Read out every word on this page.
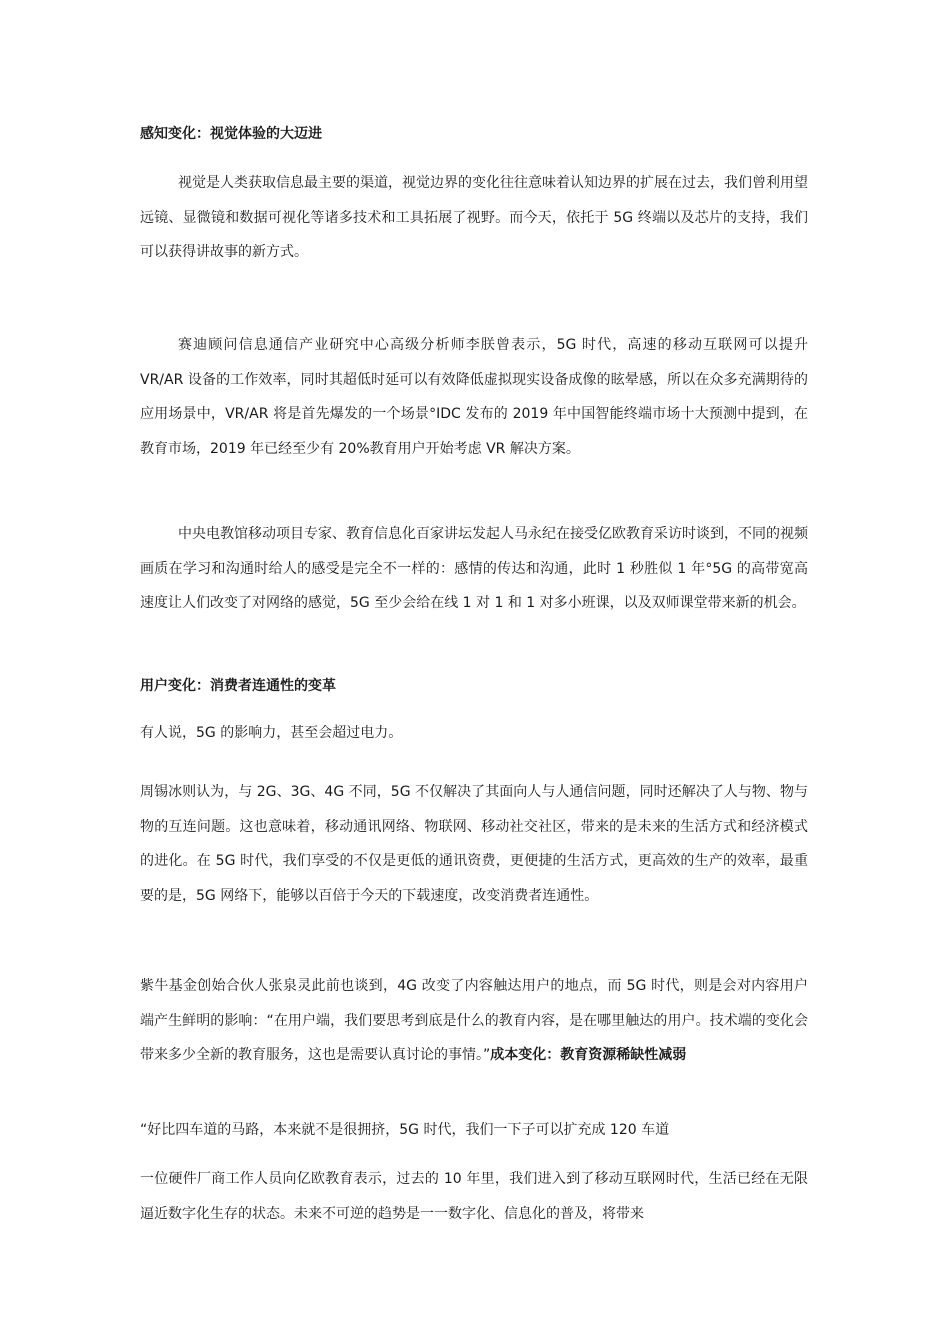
感知变化：视觉体验的大迈进

视觉是人类获取信息最主要的渠道，视觉边界的变化往往意味着认知边界的扩展在过去，我们曾利用望远镜、显微镜和数据可视化等诸多技术和工具拓展了视野。而今天，依托于 5G 终端以及芯片的支持，我们可以获得讲故事的新方式。

赛迪顾问信息通信产业研究中心高级分析师李朕曾表示，5G 时代，高速的移动互联网可以提升 VR/AR 设备的工作效率，同时其超低时延可以有效降低虚拟现实设备成像的眩晕感，所以在众多充满期待的应用场景中，VR/AR 将是首先爆发的一个场景°IDC 发布的 2019 年中国智能终端市场十大预测中提到，在教育市场，2019 年已经至少有 20%教育用户开始考虑 VR 解决方案。

中央电教馆移动项目专家、教育信息化百家讲坛发起人马永纪在接受亿欧教育采访时谈到，不同的视频画质在学习和沟通时给人的感受是完全不一样的：感情的传达和沟通，此时 1 秒胜似 1 年°5G 的高带宽高速度让人们改变了对网络的感觉，5G 至少会给在线 1 对 1 和 1 对多小班课，以及双师课堂带来新的机会。

用户变化：消费者连通性的变革

有人说，5G 的影响力，甚至会超过电力。

周锡冰则认为，与 2G、3G、4G 不同，5G 不仅解决了其面向人与人通信问题，同时还解决了人与物、物与物的互连问题。这也意味着，移动通讯网络、物联网、移动社交社区，带来的是未来的生活方式和经济模式的进化。在 5G 时代，我们享受的不仅是更低的通讯资费，更便捷的生活方式，更高效的生产的效率，最重要的是，5G 网络下，能够以百倍于今天的下载速度，改变消费者连通性。

紫牛基金创始合伙人张泉灵此前也谈到，4G 改变了内容触达用户的地点，而 5G 时代，则是会对内容用户端产生鲜明的影响：“在用户端，我们要思考到底是什么的教育内容，是在哪里触达的用户。技术端的变化会带来多少全新的教育服务，这也是需要认真讨论的事情。”成本变化：教育资源稀缺性减弱

“好比四车道的马路，本来就不是很拥挤，5G 时代，我们一下子可以扩充成 120 车道

一位硬件厂商工作人员向亿欧教育表示，过去的 10 年里，我们进入到了移动互联网时代，生活已经在无限逼近数字化生存的状态。未来不可逆的趋势是一一数字化、信息化的普及，将带来
